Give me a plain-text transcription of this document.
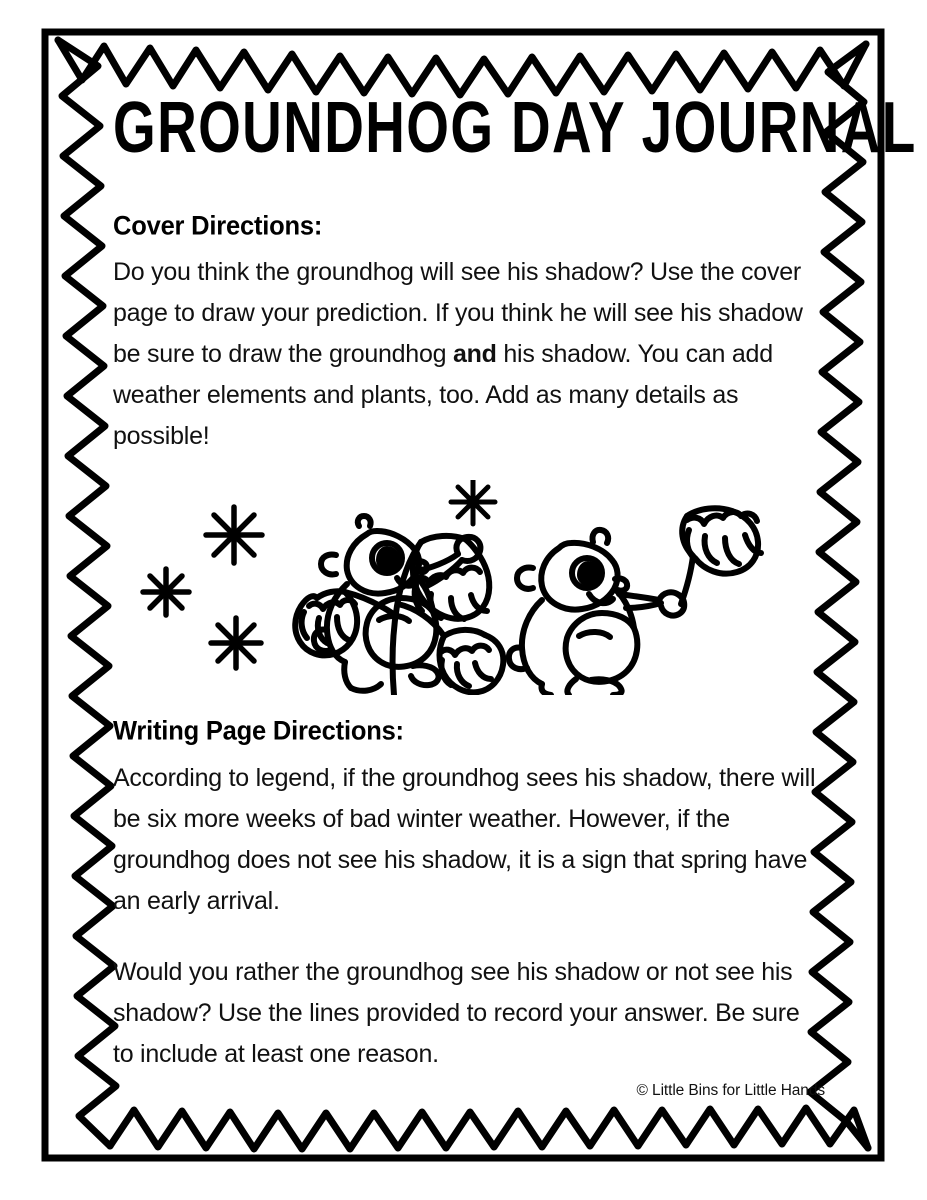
GROUNDHOG DAY JOURNAL
Cover Directions:

Do you think the groundhog will see his shadow? Use the cover page to draw your prediction. If you think he will see his shadow be sure to draw the groundhog and his shadow. You can add weather elements and plants, too. Add as many details as possible!

Writing Page Directions:

According to legend, if the groundhog sees his shadow, there will be six more weeks of bad winter weather. However, if the groundhog does not see his shadow, it is a sign that spring have an early arrival.

Would you rather the groundhog see his shadow or not see his shadow? Use the lines provided to record your answer. Be sure to include at least one reason.

© Little Bins for Little Hands
